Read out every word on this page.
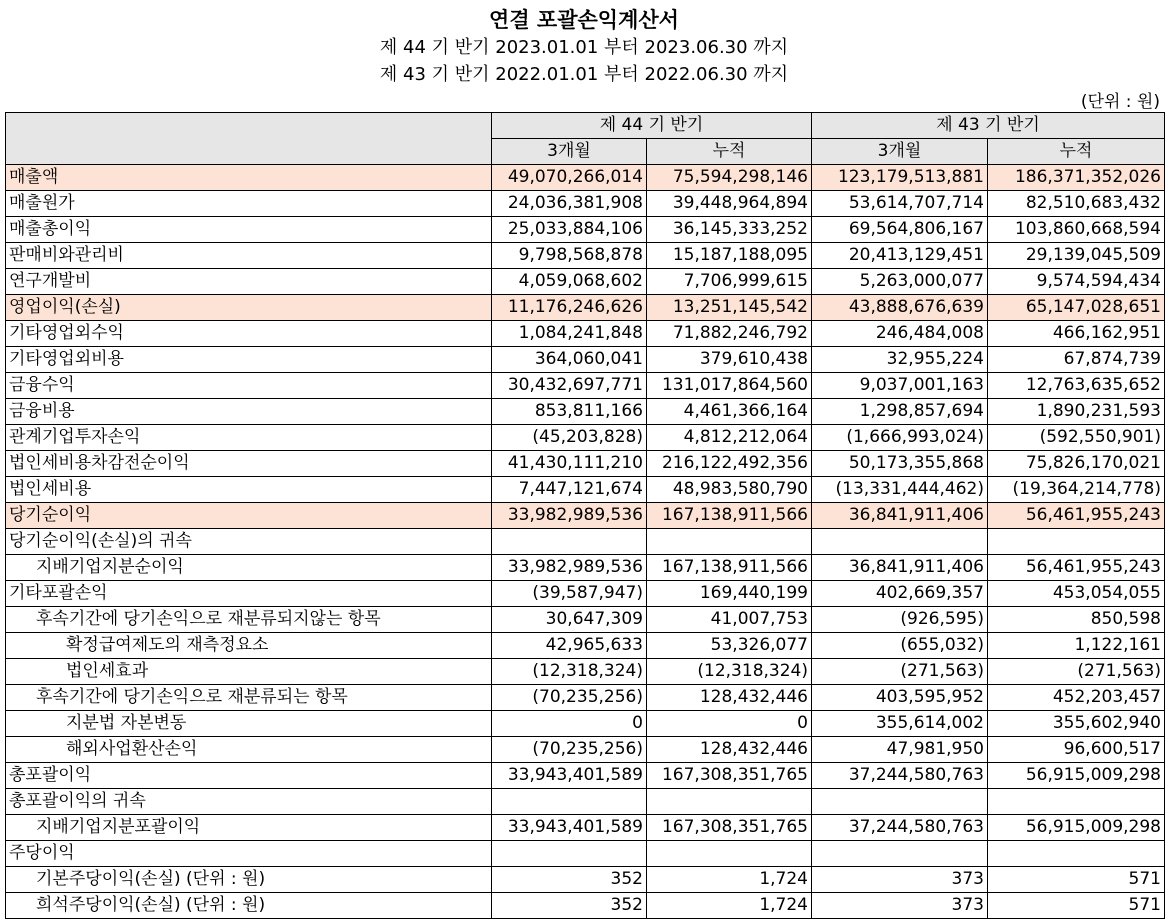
연결 포괄손익계산서
제 44 기 반기 2023.01.01 부터 2023.06.30 까지
제 43 기 반기 2022.01.01 부터 2022.06.30 까지
(단위 : 원)
	제 44 기 반기		제 43 기 반기	
	3개월	누적	3개월	누적
매출액	49,070,266,014	75,594,298,146	123,179,513,881	186,371,352,026
매출원가	24,036,381,908	39,448,964,894	53,614,707,714	82,510,683,432
매출총이익	25,033,884,106	36,145,333,252	69,564,806,167	103,860,668,594
판매비와관리비	9,798,568,878	15,187,188,095	20,413,129,451	29,139,045,509
연구개발비	4,059,068,602	7,706,999,615	5,263,000,077	9,574,594,434
영업이익(손실)	11,176,246,626	13,251,145,542	43,888,676,639	65,147,028,651
기타영업외수익	1,084,241,848	71,882,246,792	246,484,008	466,162,951
기타영업외비용	364,060,041	379,610,438	32,955,224	67,874,739
금융수익	30,432,697,771	131,017,864,560	9,037,001,163	12,763,635,652
금융비용	853,811,166	4,461,366,164	1,298,857,694	1,890,231,593
관계기업투자손익	(45,203,828)	4,812,212,064	(1,666,993,024)	(592,550,901)
법인세비용차감전순이익	41,430,111,210	216,122,492,356	50,173,355,868	75,826,170,021
법인세비용	7,447,121,674	48,983,580,790	(13,331,444,462)	(19,364,214,778)
당기순이익	33,982,989,536	167,138,911,566	36,841,911,406	56,461,955,243
당기순이익(손실)의 귀속				
지배기업지분순이익	33,982,989,536	167,138,911,566	36,841,911,406	56,461,955,243
기타포괄손익	(39,587,947)	169,440,199	402,669,357	453,054,055
후속기간에 당기손익으로 재분류되지않는 항목	30,647,309	41,007,753	(926,595)	850,598
확정급여제도의 재측정요소	42,965,633	53,326,077	(655,032)	1,122,161
법인세효과	(12,318,324)	(12,318,324)	(271,563)	(271,563)
후속기간에 당기손익으로 재분류되는 항목	(70,235,256)	128,432,446	403,595,952	452,203,457
지분법 자본변동	0	0	355,614,002	355,602,940
해외사업환산손익	(70,235,256)	128,432,446	47,981,950	96,600,517
총포괄이익	33,943,401,589	167,308,351,765	37,244,580,763	56,915,009,298
총포괄이익의 귀속				
지배기업지분포괄이익	33,943,401,589	167,308,351,765	37,244,580,763	56,915,009,298
주당이익				
기본주당이익(손실) (단위 : 원)	352	1,724	373	571
희석주당이익(손실) (단위 : 원)	352	1,724	373	571
